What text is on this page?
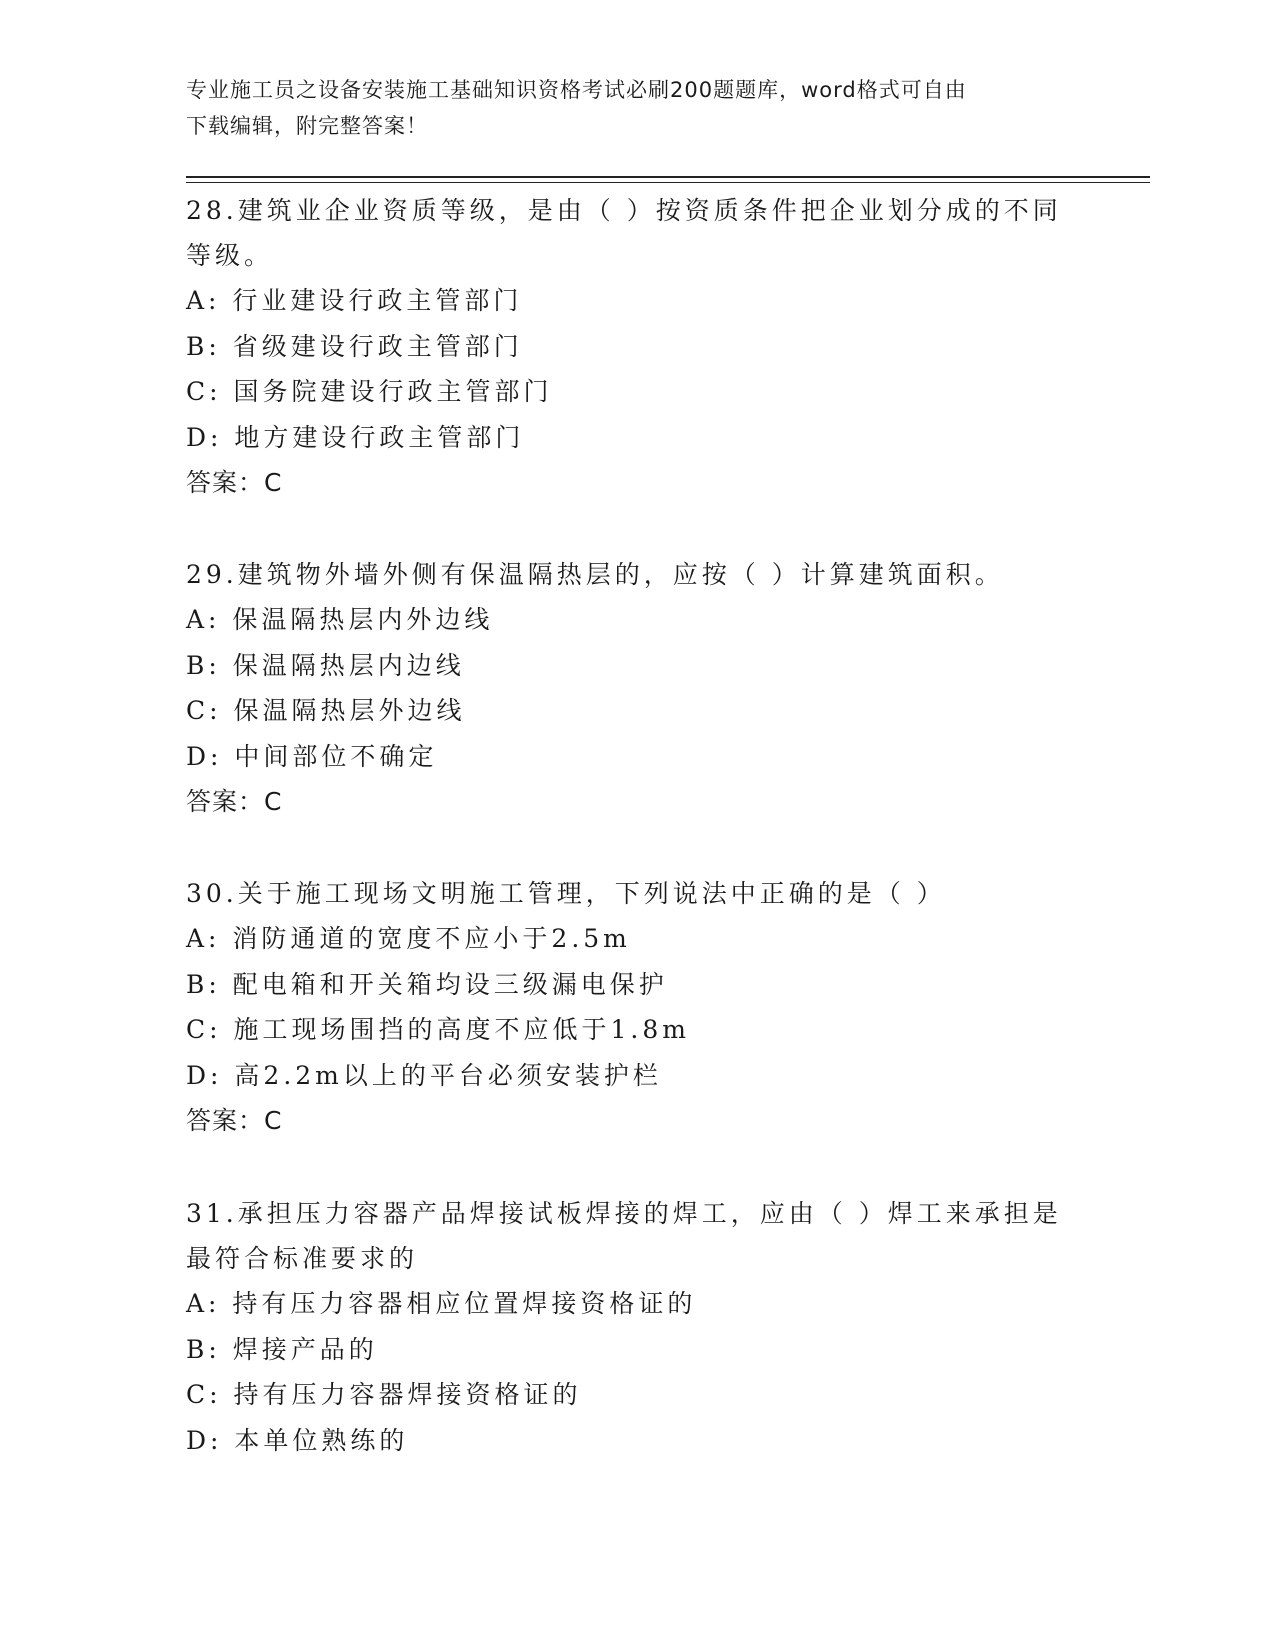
专业施工员之设备安装施工基础知识资格考试必刷200题题库，word格式可自由
下载编辑，附完整答案！
28.建筑业企业资质等级，是由（ ）按资质条件把企业划分成的不同
等级。
A: 行业建设行政主管部门
B: 省级建设行政主管部门
C: 国务院建设行政主管部门
D: 地方建设行政主管部门
答案：C
29.建筑物外墙外侧有保温隔热层的，应按（ ）计算建筑面积。
A: 保温隔热层内外边线
B: 保温隔热层内边线
C: 保温隔热层外边线
D: 中间部位不确定
答案：C
30.关于施工现场文明施工管理，下列说法中正确的是（ ）
A: 消防通道的宽度不应小于2.5m
B: 配电箱和开关箱均设三级漏电保护
C: 施工现场围挡的高度不应低于1.8m
D: 高2.2m以上的平台必须安装护栏
答案：C
31.承担压力容器产品焊接试板焊接的焊工，应由（ ）焊工来承担是
最符合标准要求的
A: 持有压力容器相应位置焊接资格证的
B: 焊接产品的
C: 持有压力容器焊接资格证的
D: 本单位熟练的
